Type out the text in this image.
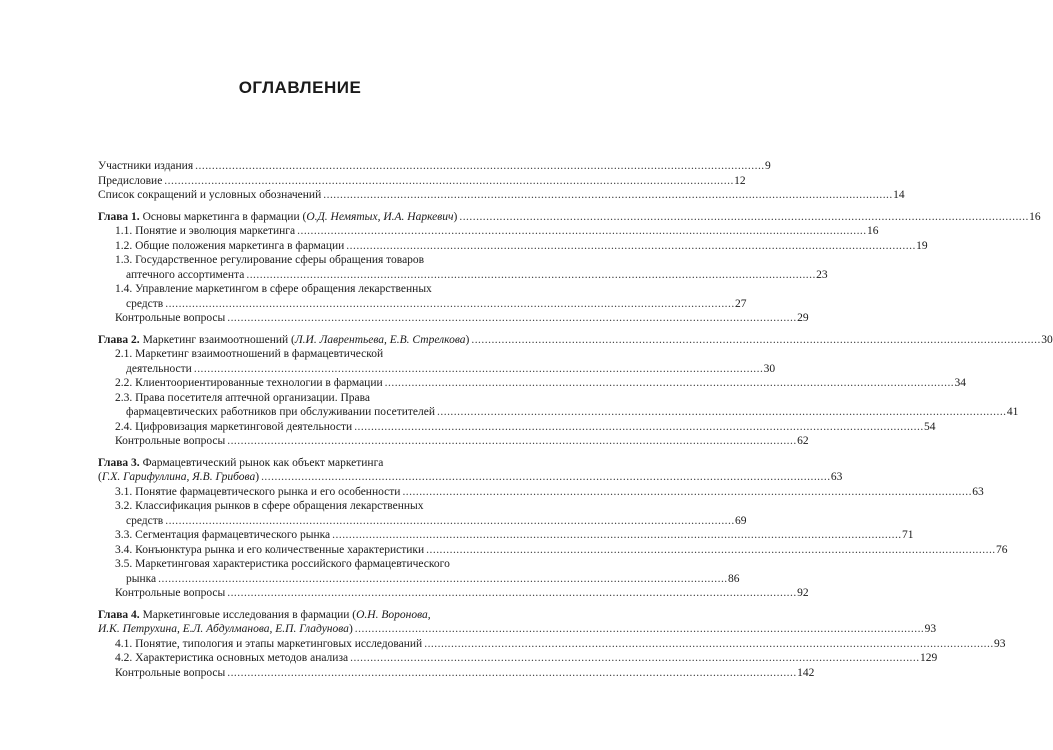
ОГЛАВЛЕНИЕ
Участники издания . . .	9
Предисловие . . .	12
Список сокращений и условных обозначений . . .	14
Глава 1. Основы маркетинга в фармации (О.Д. Немятых, И.А. Наркевич) . . .	16
1.1. Понятие и эволюция маркетинга . . .	16
1.2. Общие положения маркетинга в фармации . . .	19
1.3. Государственное регулирование сферы обращения товаров
аптечного ассортимента . . .	23
1.4. Управление маркетингом в сфере обращения лекарственных
средств . . .	27
Контрольные вопросы . . .	29
Глава 2. Маркетинг взаимоотношений (Л.И. Лаврентьева, Е.В. Стрелкова) . . .	30
2.1. Маркетинг взаимоотношений в фармацевтической
деятельности . . .	30
2.2. Клиентоориентированные технологии в фармации . . .	34
2.3. Права посетителя аптечной организации. Права
фармацевтических работников при обслуживании посетителей . . .	41
2.4. Цифровизация маркетинговой деятельности . . .	54
Контрольные вопросы . . .	62
Глава 3. Фармацевтический рынок как объект маркетинга
(Г.Х. Гарифуллина, Я.В. Грибова) . . .	63
3.1. Понятие фармацевтического рынка и его особенности . . .	63
3.2. Классификация рынков в сфере обращения лекарственных
средств . . .	69
3.3. Сегментация фармацевтического рынка . . .	71
3.4. Конъюнктура рынка и его количественные характеристики . . .	76
3.5. Маркетинговая характеристика российского фармацевтического
рынка . . .	86
Контрольные вопросы . . .	92
Глава 4. Маркетинговые исследования в фармации (О.Н. Воронова,
И.К. Петрухина, Е.Л. Абдулманова, Е.П. Гладунова) . . .	93
4.1. Понятие, типология и этапы маркетинговых исследований . . .	93
4.2. Характеристика основных методов анализа . . .	129
Контрольные вопросы . . .	142
